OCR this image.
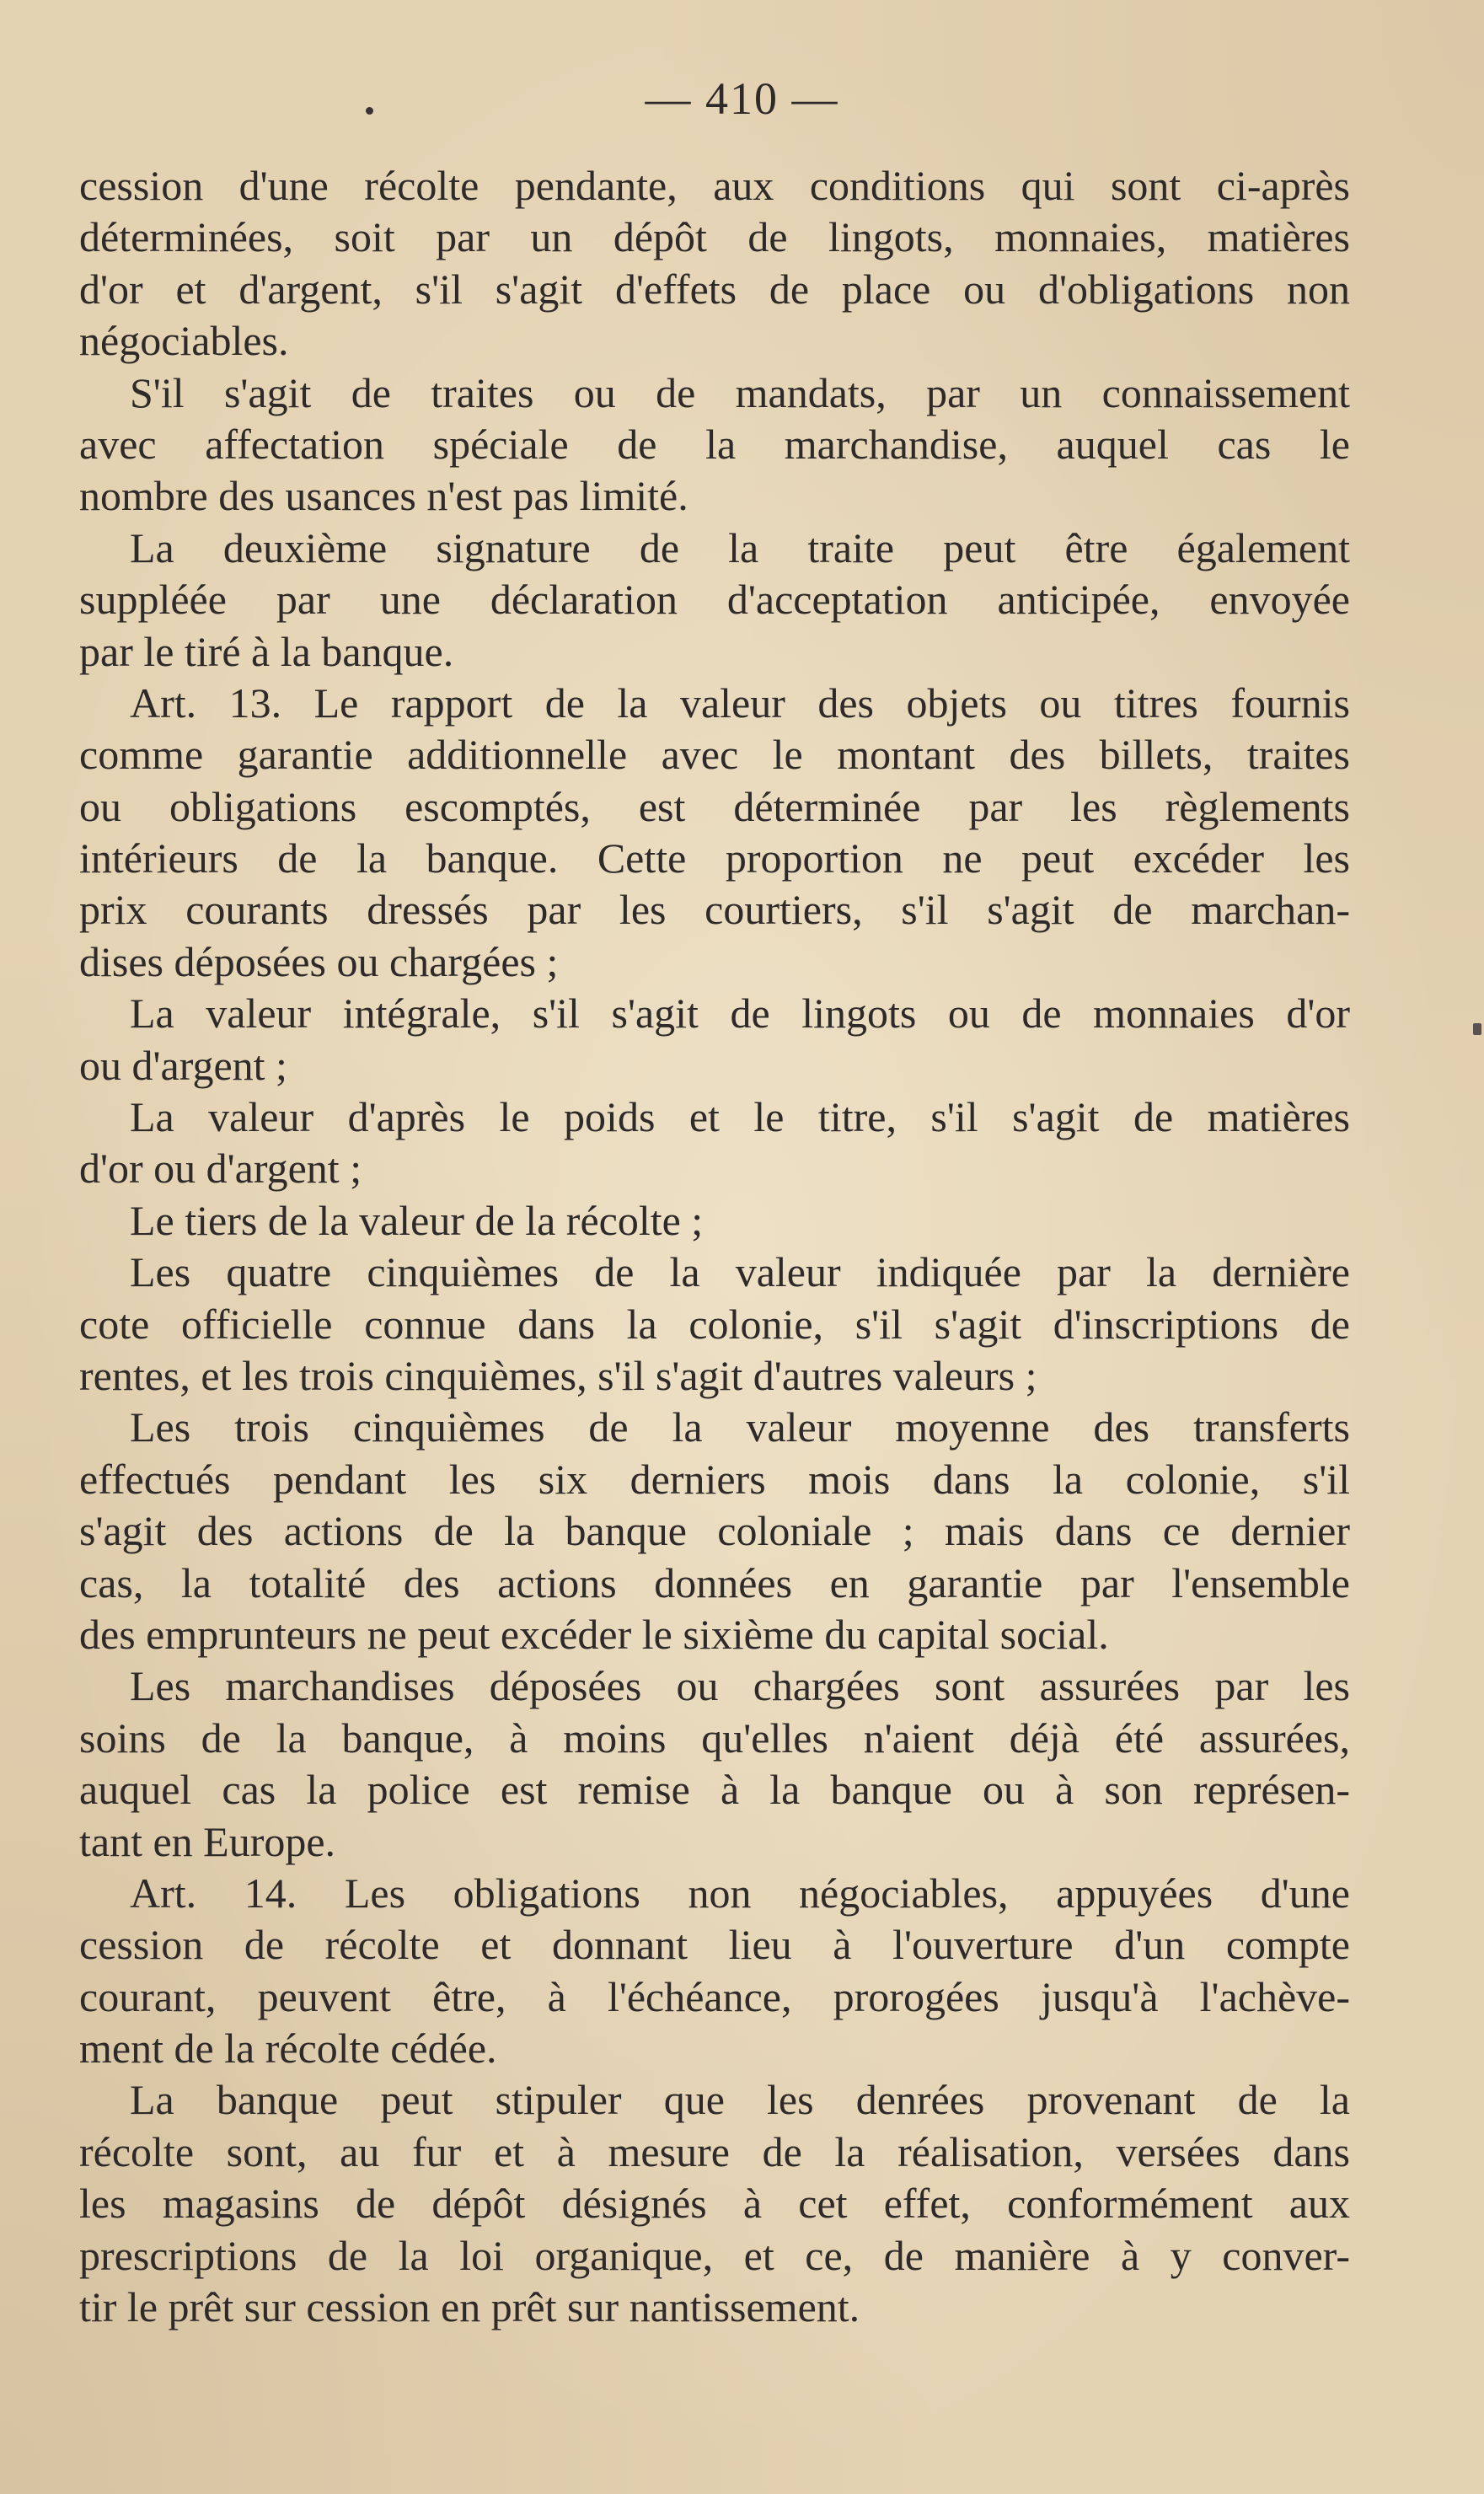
— 410 —
cession d'une récolte pendante, aux conditions qui sont ci-après
déterminées, soit par un dépôt de lingots, monnaies, matières
d'or et d'argent, s'il s'agit d'effets de place ou d'obligations non
négociables.
S'il s'agit de traites ou de mandats, par un connaissement
avec affectation spéciale de la marchandise, auquel cas le
nombre des usances n'est pas limité.
La deuxième signature de la traite peut être également
suppléée par une déclaration d'acceptation anticipée, envoyée
par le tiré à la banque.
Art. 13. Le rapport de la valeur des objets ou titres fournis
comme garantie additionnelle avec le montant des billets, traites
ou obligations escomptés, est déterminée par les règlements
intérieurs de la banque. Cette proportion ne peut excéder les
prix courants dressés par les courtiers, s'il s'agit de marchan-
dises déposées ou chargées ;
La valeur intégrale, s'il s'agit de lingots ou de monnaies d'or
ou d'argent ;
La valeur d'après le poids et le titre, s'il s'agit de matières
d'or ou d'argent ;
Le tiers de la valeur de la récolte ;
Les quatre cinquièmes de la valeur indiquée par la dernière
cote officielle connue dans la colonie, s'il s'agit d'inscriptions de
rentes, et les trois cinquièmes, s'il s'agit d'autres valeurs ;
Les trois cinquièmes de la valeur moyenne des transferts
effectués pendant les six derniers mois dans la colonie, s'il
s'agit des actions de la banque coloniale ; mais dans ce dernier
cas, la totalité des actions données en garantie par l'ensemble
des emprunteurs ne peut excéder le sixième du capital social.
Les marchandises déposées ou chargées sont assurées par les
soins de la banque, à moins qu'elles n'aient déjà été assurées,
auquel cas la police est remise à la banque ou à son représen-
tant en Europe.
Art. 14. Les obligations non négociables, appuyées d'une
cession de récolte et donnant lieu à l'ouverture d'un compte
courant, peuvent être, à l'échéance, prorogées jusqu'à l'achève-
ment de la récolte cédée.
La banque peut stipuler que les denrées provenant de la
récolte sont, au fur et à mesure de la réalisation, versées dans
les magasins de dépôt désignés à cet effet, conformément aux
prescriptions de la loi organique, et ce, de manière à y conver-
tir le prêt sur cession en prêt sur nantissement.
